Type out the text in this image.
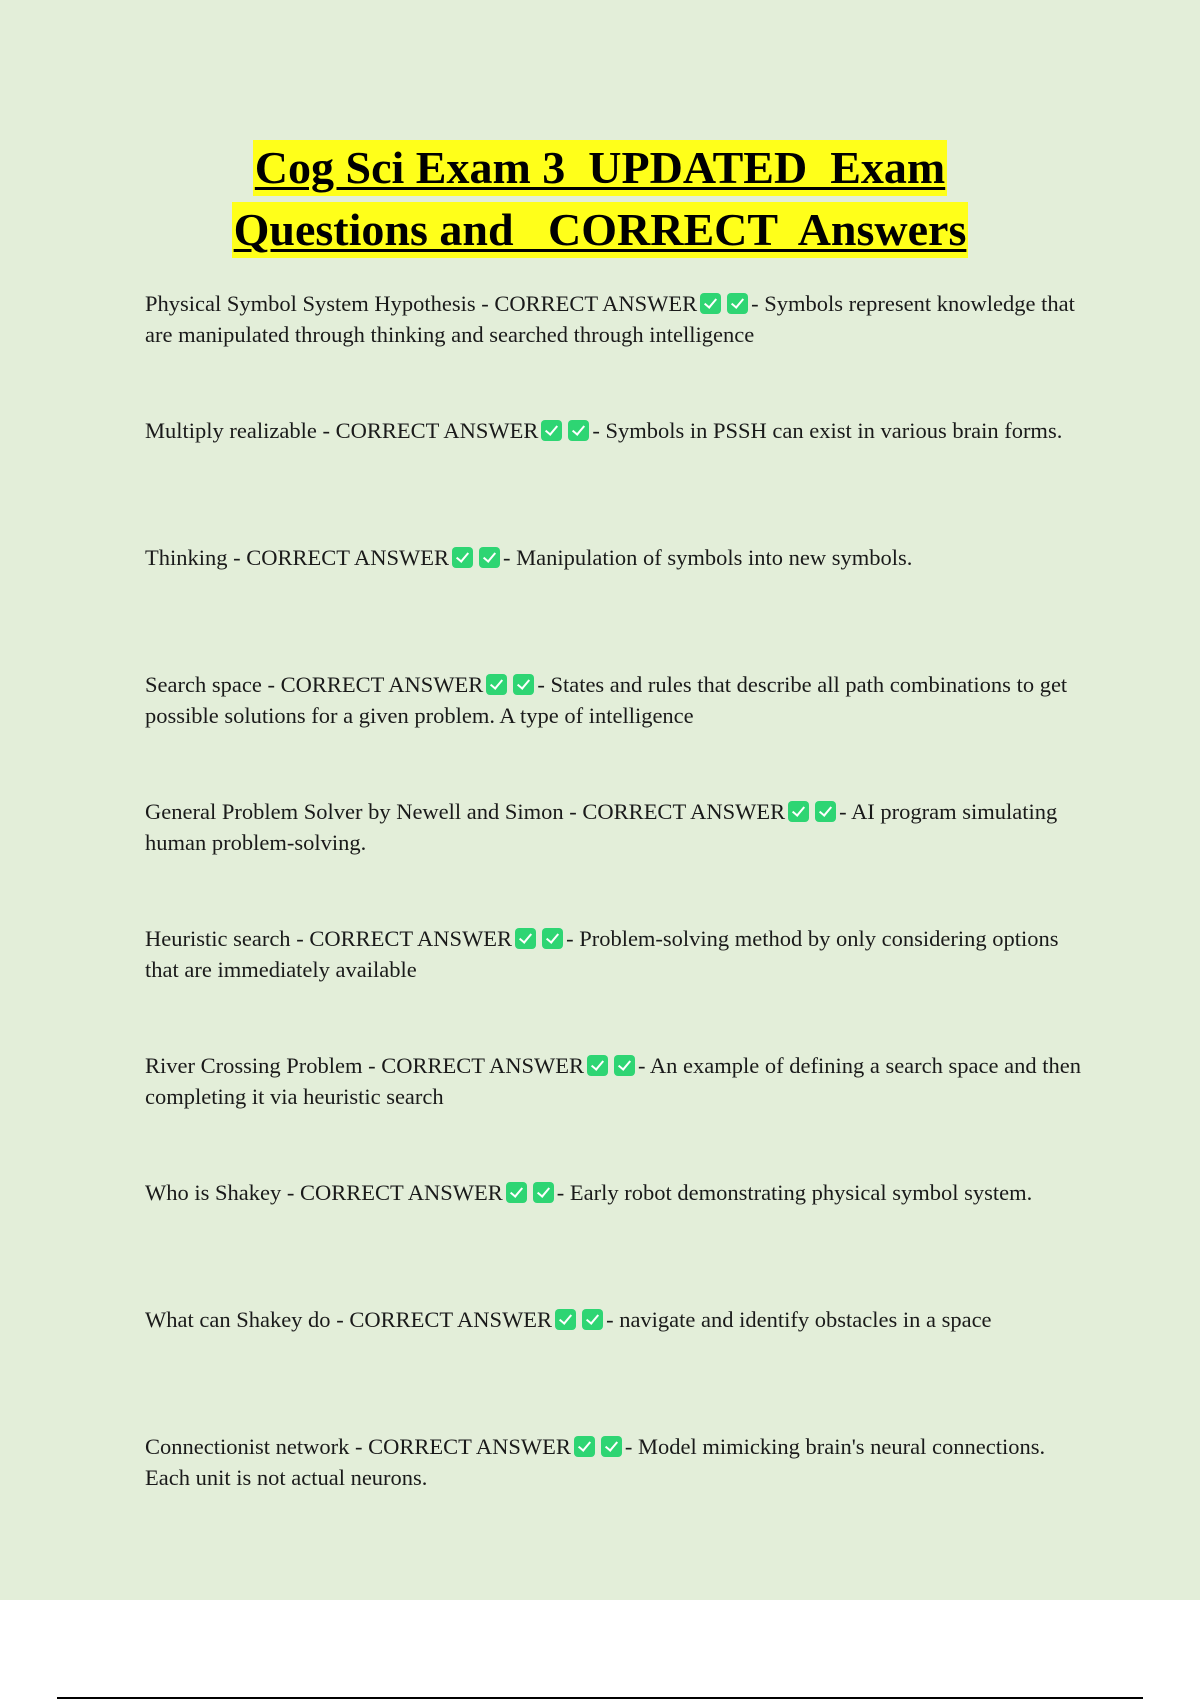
Cog Sci Exam 3  UPDATED  Exam
Questions and   CORRECT  Answers
Physical Symbol System Hypothesis - CORRECT ANSWER - Symbols represent knowledge that are manipulated through thinking and searched through intelligence
Multiply realizable - CORRECT ANSWER - Symbols in PSSH can exist in various brain forms.
Thinking - CORRECT ANSWER - Manipulation of symbols into new symbols.
Search space - CORRECT ANSWER - States and rules that describe all path combinations to get possible solutions for a given problem. A type of intelligence
General Problem Solver by Newell and Simon - CORRECT ANSWER - AI program simulating human problem-solving.
Heuristic search - CORRECT ANSWER - Problem-solving method by only considering options that are immediately available
River Crossing Problem - CORRECT ANSWER - An example of defining a search space and then completing it via heuristic search
Who is Shakey - CORRECT ANSWER - Early robot demonstrating physical symbol system.
What can Shakey do - CORRECT ANSWER - navigate and identify obstacles in a space
Connectionist network - CORRECT ANSWER - Model mimicking brain's neural connections. Each unit is not actual neurons.
